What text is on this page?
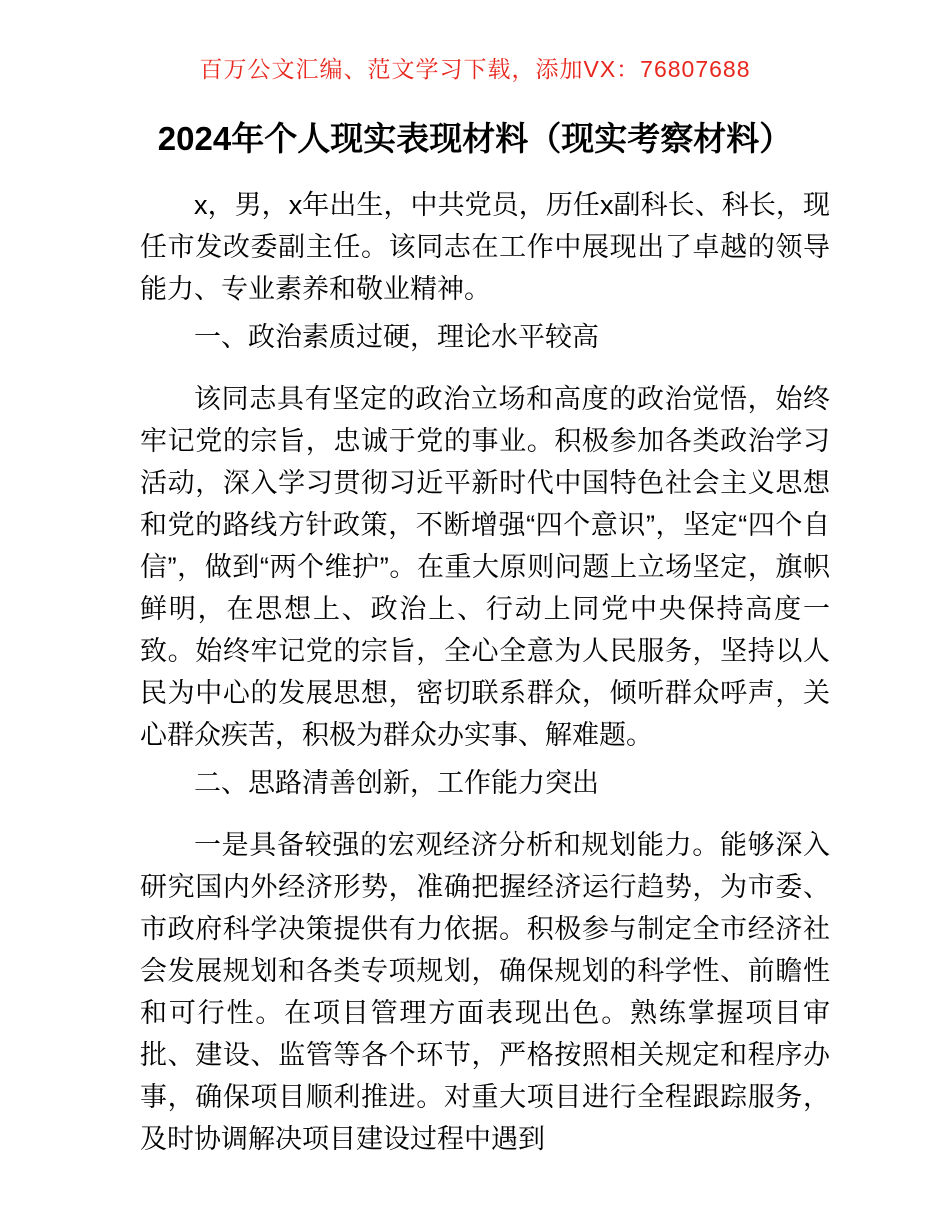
百万公文汇编、范文学习下载，添加VX：76807688
2024年个人现实表现材料（现实考察材料）

x，男，x年出生，中共党员，历任x副科长、科长，现任市发改委副主任。该同志在工作中展现出了卓越的领导能力、专业素养和敬业精神。

一、政治素质过硬，理论水平较高

该同志具有坚定的政治立场和高度的政治觉悟，始终牢记党的宗旨，忠诚于党的事业。积极参加各类政治学习活动，深入学习贯彻习近平新时代中国特色社会主义思想和党的路线方针政策，不断增强“四个意识”，坚定“四个自信”，做到“两个维护”。在重大原则问题上立场坚定，旗帜鲜明，在思想上、政治上、行动上同党中央保持高度一致。始终牢记党的宗旨，全心全意为人民服务，坚持以人民为中心的发展思想，密切联系群众，倾听群众呼声，关心群众疾苦，积极为群众办实事、解难题。

二、思路清善创新，工作能力突出

一是具备较强的宏观经济分析和规划能力。能够深入研究国内外经济形势，准确把握经济运行趋势，为市委、市政府科学决策提供有力依据。积极参与制定全市经济社会发展规划和各类专项规划，确保规划的科学性、前瞻性和可行性。在项目管理方面表现出色。熟练掌握项目审批、建设、监管等各个环节，严格按照相关规定和程序办事，确保项目顺利推进。对重大项目进行全程跟踪服务，及时协调解决项目建设过程中遇到
